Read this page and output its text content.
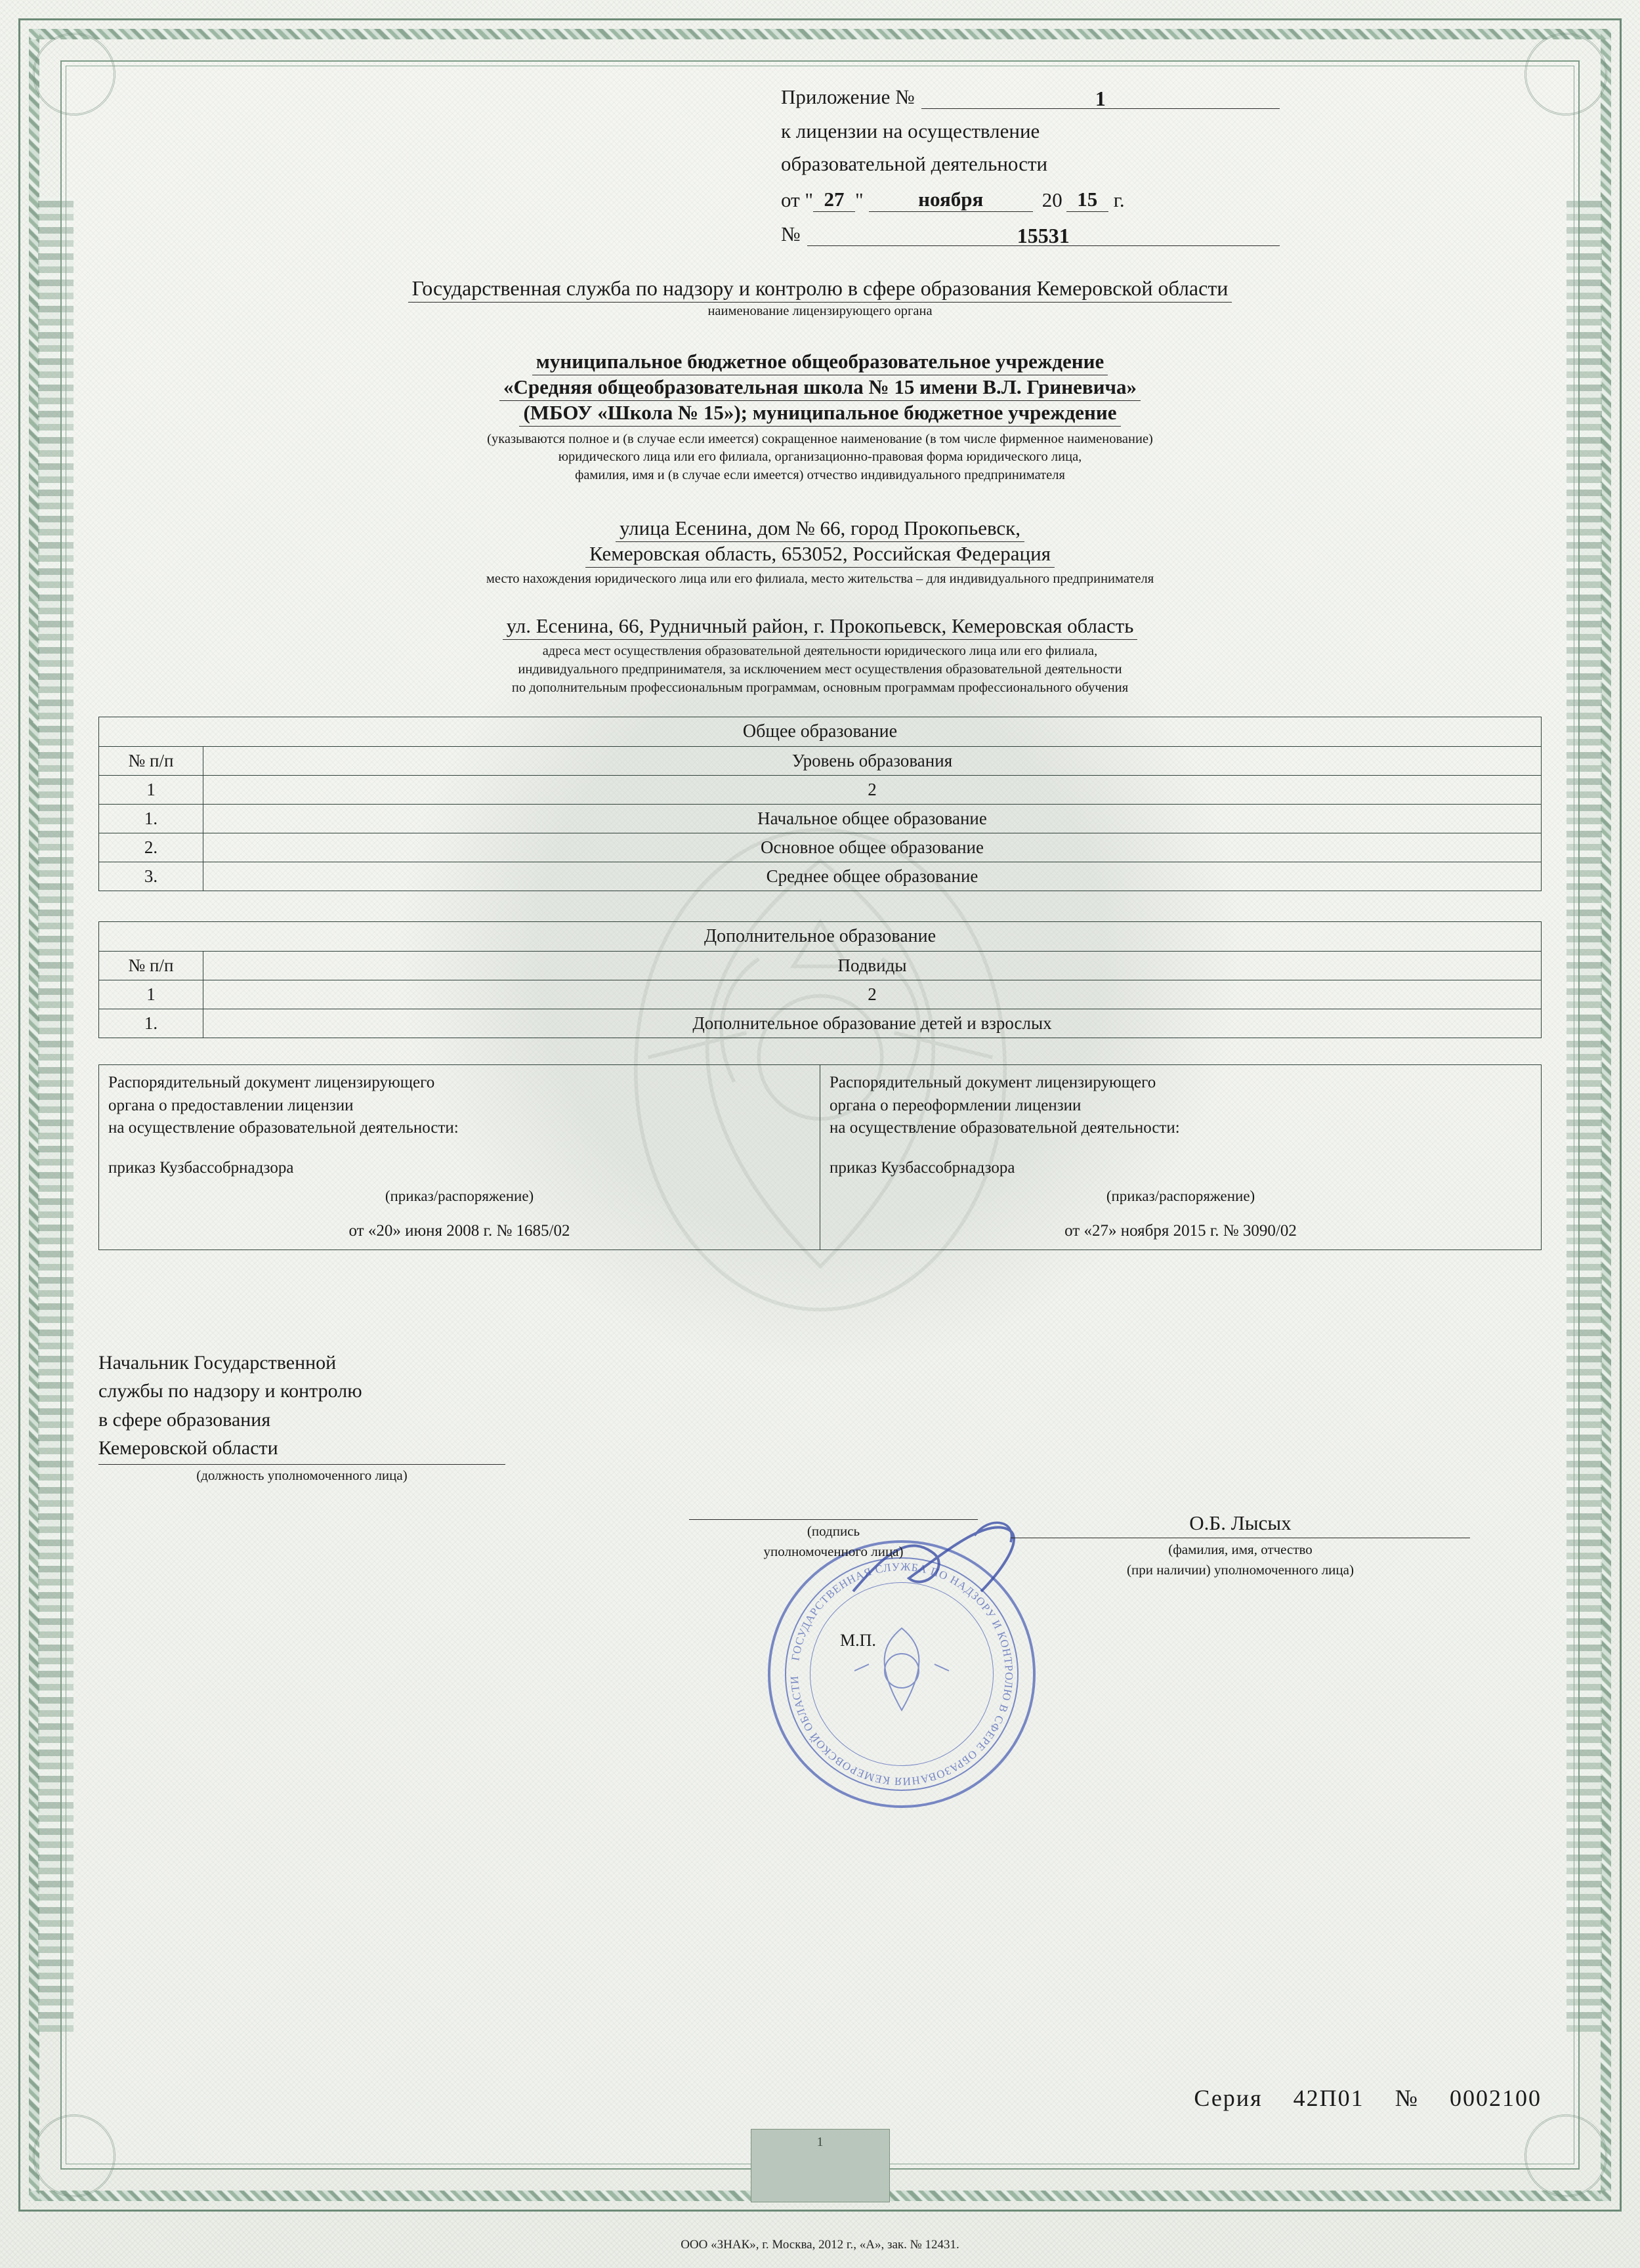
Приложение №	1
к лицензии на осуществление
образовательной деятельности
от " 27 "	ноября	20 15 г.
№	15531
Государственная служба по надзору и контролю в сфере образования Кемеровской области
наименование лицензирующего органа
муниципальное бюджетное общеобразовательное учреждение
«Средняя общеобразовательная школа № 15 имени В.Л. Гриневича»
(МБОУ «Школа № 15»); муниципальное бюджетное учреждение
(указываются полное и (в случае если имеется) сокращенное наименование (в том числе фирменное наименование)
юридического лица или его филиала, организационно-правовая форма юридического лица,
фамилия, имя и (в случае если имеется) отчество индивидуального предпринимателя
улица Есенина, дом № 66, город Прокопьевск,
Кемеровская область, 653052, Российская Федерация
место нахождения юридического лица или его филиала, место жительства – для индивидуального предпринимателя
ул. Есенина, 66, Рудничный район, г. Прокопьевск, Кемеровская область
адреса мест осуществления образовательной деятельности юридического лица или его филиала,
индивидуального предпринимателя, за исключением мест осуществления образовательной деятельности
по дополнительным профессиональным программам, основным программам профессионального обучения
Общее образование	
№ п/п	Уровень образования
1	2
1.	Начальное общее образование
2.	Основное общее образование
3.	Среднее общее образование
Дополнительное образование	
№ п/п	Подвиды
1	2
1.	Дополнительное образование детей и взрослых
Распорядительный документ лицензирующего
органа о предоставлении лицензии
на осуществление образовательной деятельности:
приказ Кузбассобрнадзора

Распорядительный документ лицензирующего
органа о переоформлении лицензии
на осуществление образовательной деятельности:
приказ Кузбассобрнадзора

(приказ/распоряжение)	(приказ/распоряжение)
от «20» июня 2008 г. № 1685/02	от «27» ноября 2015 г. № 3090/02
Начальник Государственной
службы по надзору и контролю
в сфере образования
Кемеровской области
(должность уполномоченного лица)
ГОСУДАРСТВЕННАЯ СЛУЖБА ПО НАДЗОРУ И КОНТРОЛЮ В СФЕРЕ ОБРАЗОВАНИЯ КЕМЕРОВСКОЙ ОБЛАСТИ
(подпись
уполномоченного лица)
О.Б. Лысых
(фамилия, имя, отчество
(при наличии) уполномоченного лица)
М.П.
Серия 42П01 № 0002100
1
ООО «ЗНАК», г. Москва, 2012 г., «А», зак. № 12431.
